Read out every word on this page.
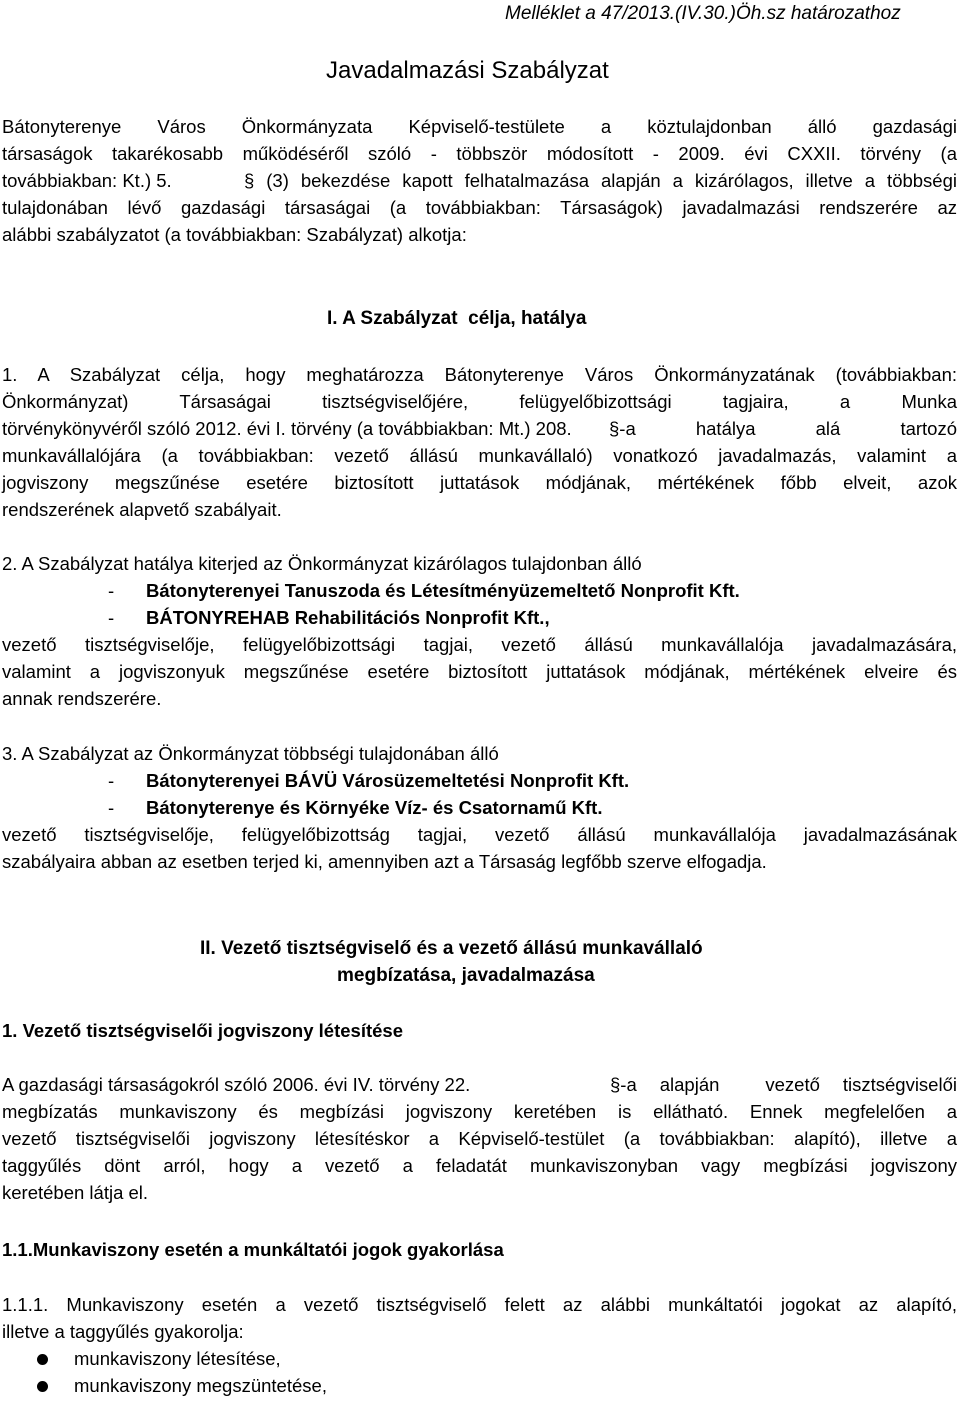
Melléklet a 47/2013.(IV.30.)Öh.sz határozathoz
Javadalmazási Szabályzat
Bátonyterenye Város Önkormányzata Képviselő-testülete a köztulajdonban álló gazdasági
társaságok takarékosabb működéséről szóló - többször módosított - 2009. évi CXXII. törvény (a
továbbiakban: Kt.) 5.	§ (3) bekezdése kapott felhatalmazása alapján a kizárólagos, illetve a többségi
tulajdonában lévő gazdasági társaságai (a továbbiakban: Társaságok) javadalmazási rendszerére az
alábbi szabályzatot (a továbbiakban: Szabályzat) alkotja:
I. A Szabályzat  célja, hatálya
1. A Szabályzat célja, hogy meghatározza Bátonyterenye Város Önkormányzatának (továbbiakban:
Önkormányzat) Társaságai tisztségviselőjére, felügyelőbizottsági tagjaira, a Munka
törvénykönyvéről szóló 2012. évi I. törvény (a továbbiakban: Mt.) 208. §-a hatálya alá tartozó
munkavállalójára (a továbbiakban: vezető állású munkavállaló) vonatkozó javadalmazás, valamint a
jogviszony megszűnése esetére biztosított juttatások módjának, mértékének főbb elveit, azok
rendszerének alapvető szabályait.
2. A Szabályzat hatálya kiterjed az Önkormányzat kizárólagos tulajdonban álló
- Bátonyterenyei Tanuszoda és Létesítményüzemeltető Nonprofit Kft.
- BÁTONYREHAB Rehabilitációs Nonprofit Kft.,
vezető tisztségviselője, felügyelőbizottsági tagjai, vezető állású munkavállalója javadalmazására,
valamint a jogviszonyuk megszűnése esetére biztosított juttatások módjának, mértékének elveire és
annak rendszerére.
3. A Szabályzat az Önkormányzat többségi tulajdonában álló
- Bátonyterenyei BÁVÜ Városüzemeltetési Nonprofit Kft.
- Bátonyterenye és Környéke Víz- és Csatornamű Kft.
vezető tisztségviselője, felügyelőbizottság tagjai, vezető állású munkavállalója javadalmazásának
szabályaira abban az esetben terjed ki, amennyiben azt a Társaság legfőbb szerve elfogadja.
II. Vezető tisztségviselő és a vezető állású munkavállaló
megbízatása, javadalmazása
1. Vezető tisztségviselői jogviszony létesítése
A gazdasági társaságokról szóló 2006. évi IV. törvény 22.	§-a alapján  vezető tisztségviselői
megbízatás munkaviszony és megbízási jogviszony keretében is ellátható. Ennek megfelelően a
vezető tisztségviselői jogviszony létesítéskor a Képviselő-testület (a továbbiakban: alapító), illetve a
taggyűlés dönt arról, hogy a vezető a feladatát munkaviszonyban vagy megbízási jogviszony
keretében látja el.
1.1.Munkaviszony esetén a munkáltatói jogok gyakorlása
1.1.1. Munkaviszony esetén a vezető tisztségviselő felett az alábbi munkáltatói jogokat az alapító,
illetve a taggyűlés gyakorolja:
munkaviszony létesítése,
munkaviszony megszüntetése,
